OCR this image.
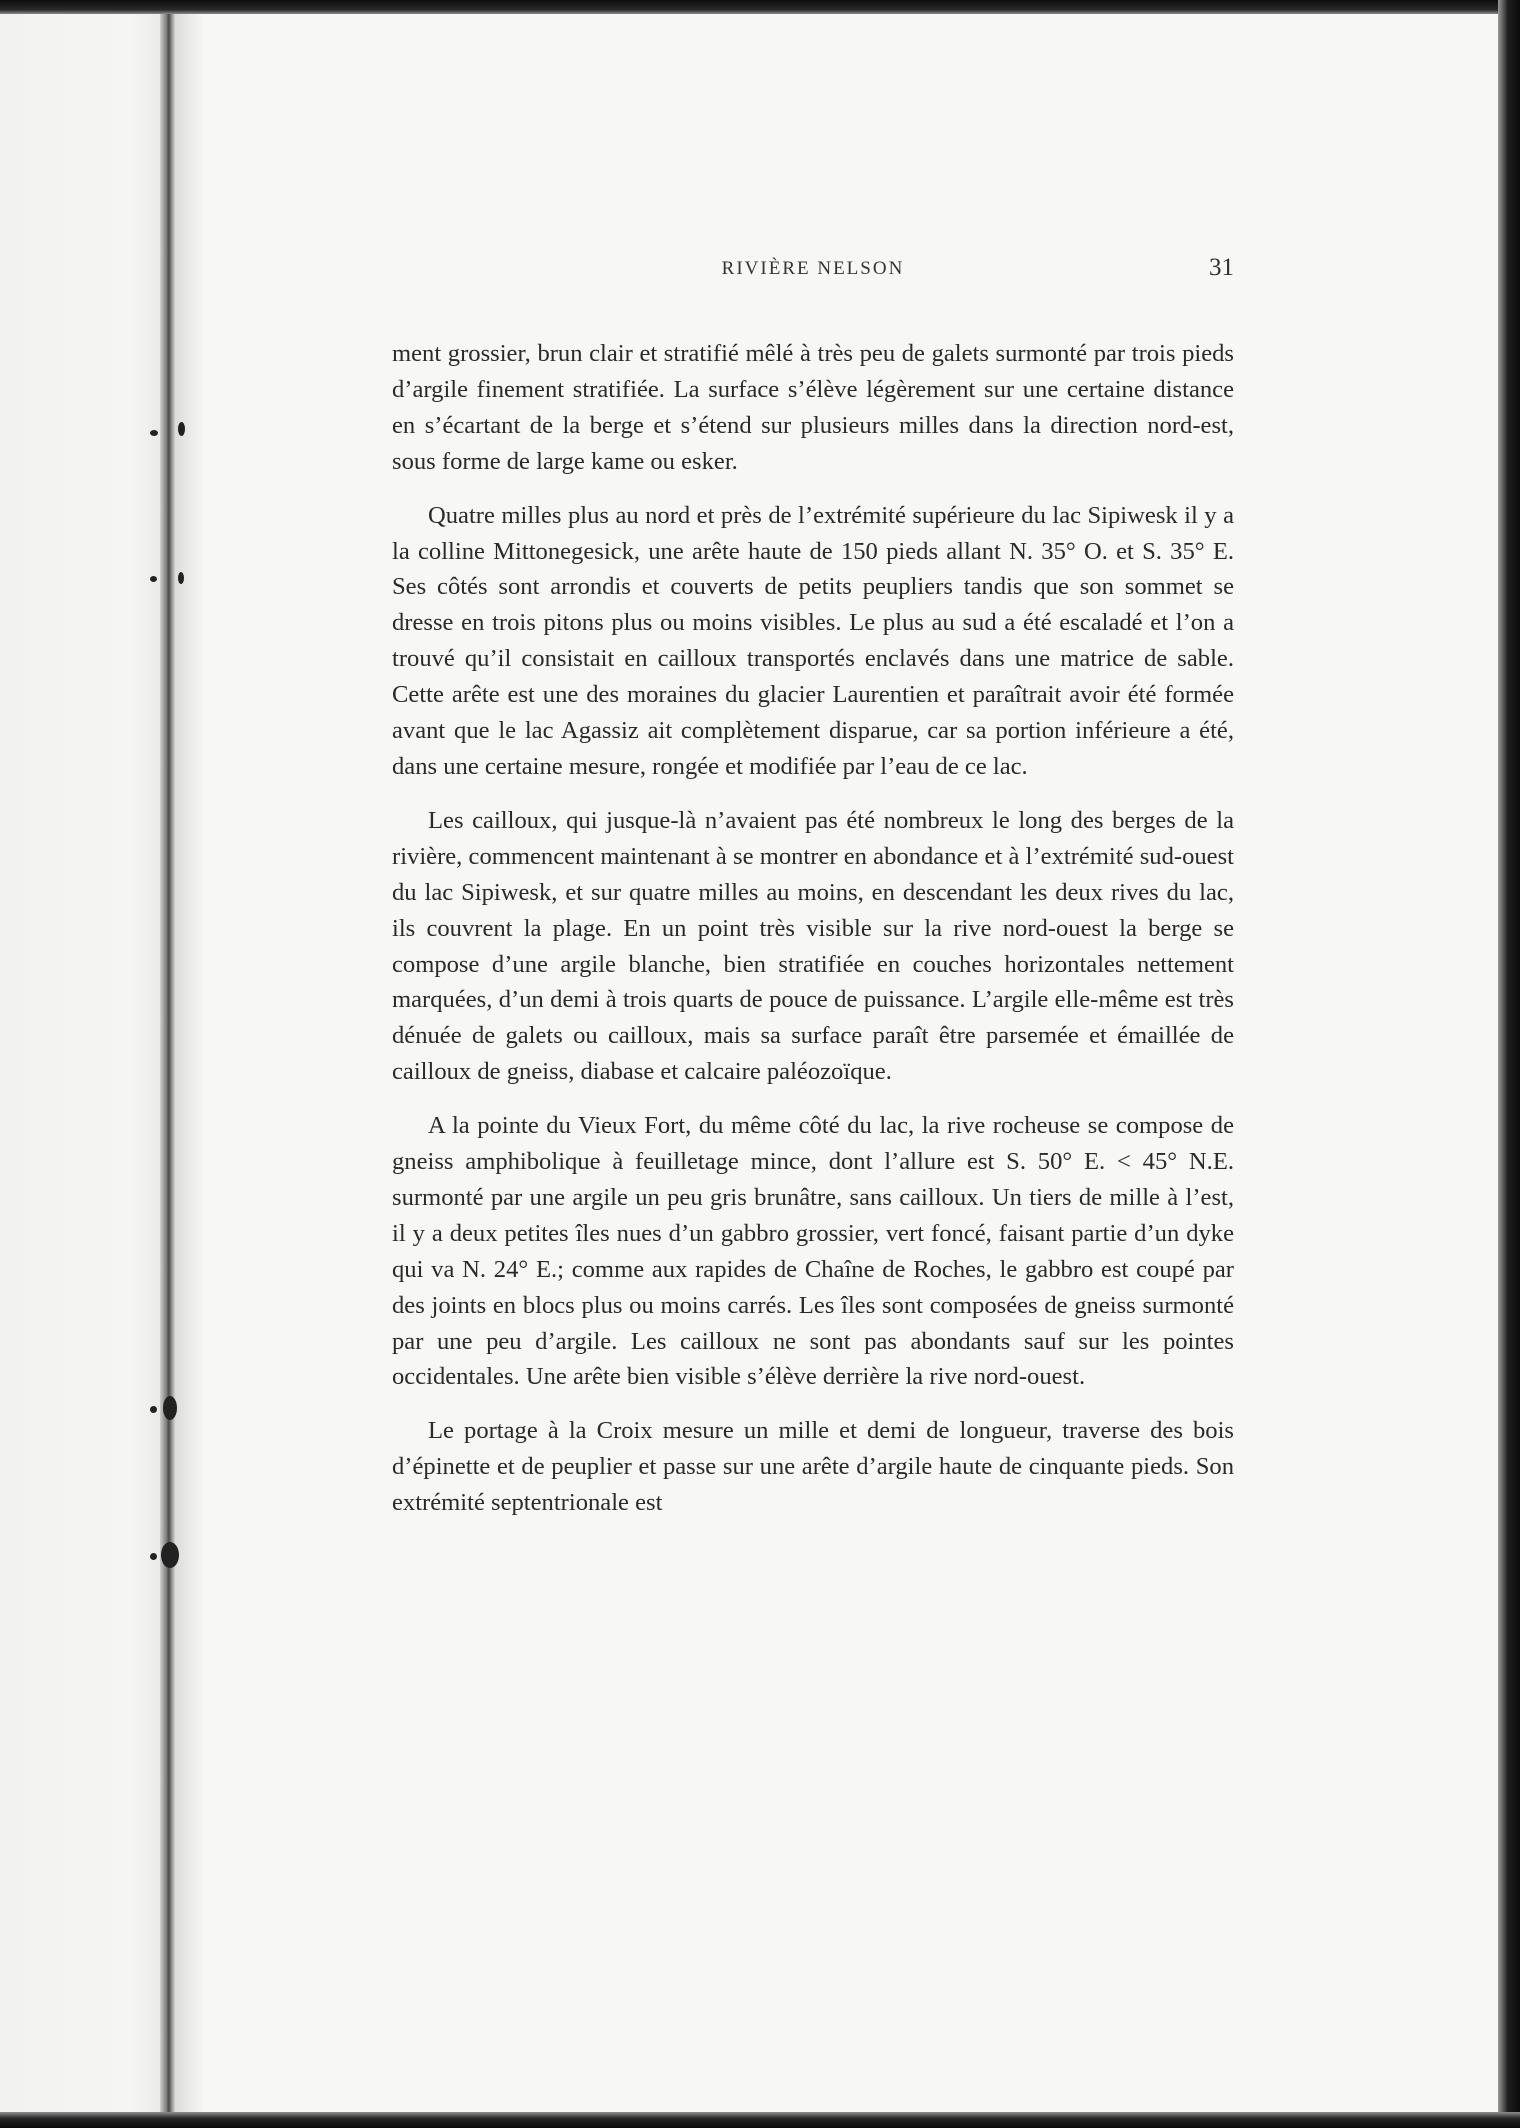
RIVIÈRE NELSON	31

ment grossier, brun clair et stratifié mêlé à très peu de galets surmonté par trois pieds d’argile finement stratifiée. La surface s’élève légèrement sur une certaine distance en s’écartant de la berge et s’étend sur plusieurs milles dans la direction nord-est, sous forme de large kame ou esker.

Quatre milles plus au nord et près de l’extrémité supérieure du lac Sipiwesk il y a la colline Mittonegesick, une arête haute de 150 pieds allant N. 35° O. et S. 35° E. Ses côtés sont arrondis et couverts de petits peupliers tandis que son sommet se dresse en trois pitons plus ou moins visibles. Le plus au sud a été escaladé et l’on a trouvé qu’il consistait en cailloux transportés enclavés dans une matrice de sable. Cette arête est une des moraines du glacier Laurentien et paraîtrait avoir été formée avant que le lac Agassiz ait complètement disparue, car sa portion inférieure a été, dans une certaine mesure, rongée et modifiée par l’eau de ce lac.

Les cailloux, qui jusque-là n’avaient pas été nombreux le long des berges de la rivière, commencent maintenant à se montrer en abondance et à l’extrémité sud-ouest du lac Sipiwesk, et sur quatre milles au moins, en descendant les deux rives du lac, ils couvrent la plage. En un point très visible sur la rive nord-ouest la berge se compose d’une argile blanche, bien stratifiée en couches horizontales nettement marquées, d’un demi à trois quarts de pouce de puissance. L’argile elle-même est très dénuée de galets ou cailloux, mais sa surface paraît être parsemée et émaillée de cailloux de gneiss, diabase et calcaire paléozoïque.

A la pointe du Vieux Fort, du même côté du lac, la rive rocheuse se compose de gneiss amphibolique à feuilletage mince, dont l’allure est S. 50° E. < 45° N.E. surmonté par une argile un peu gris brunâtre, sans cailloux. Un tiers de mille à l’est, il y a deux petites îles nues d’un gabbro grossier, vert foncé, faisant partie d’un dyke qui va N. 24° E.; comme aux rapides de Chaîne de Roches, le gabbro est coupé par des joints en blocs plus ou moins carrés. Les îles sont composées de gneiss surmonté par une peu d’argile. Les cailloux ne sont pas abondants sauf sur les pointes occidentales. Une arête bien visible s’élève derrière la rive nord-ouest.

Le portage à la Croix mesure un mille et demi de longueur, traverse des bois d’épinette et de peuplier et passe sur une arête d’argile haute de cinquante pieds. Son extrémité septentrionale est
